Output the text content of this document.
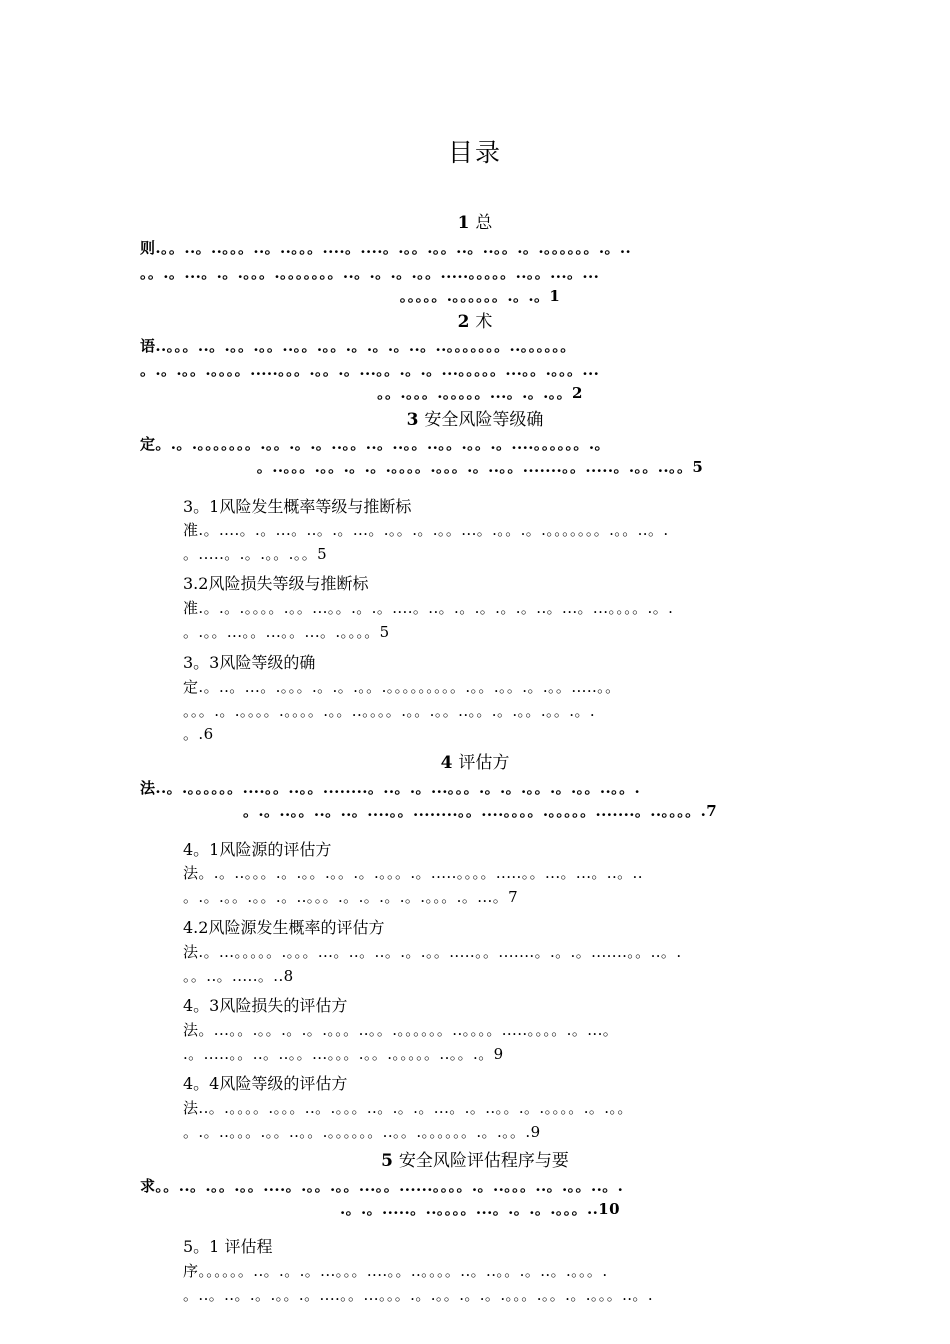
目录
1 总
则.。。..。..。。。..。..。。。....。....。.。。.。。..。..。。.。.。。。。。。.。..
。。.。...。.。.。。。.。。。。。。。..。.。.。.。。.....。。。。。..。。...。...
。。。。。.。。。。。。.。.。1
2 术
语..。。。..。.。。.。。..。。.。。.。.。.。..。..。。。。。。。..。。。。。。
。.。.。。.。。。。.....。。。.。。.。...。。.。.。...。。。。。...。。.。。。...
。。.。。。.。。。。。...。.。.。。2
3 安全风险等级确
定。.。.。。。。。。。.。。.。.。..。。..。..。。..。。.。。.。....。。。。。。.。
。..。。。.。。.。.。.。。。。.。。。.。..。。.......。。.....。.。。..。。5
3。1风险发生概率等级与推断标
准.。....。.。...。..。.。...。.。。.。.。。...。.。。.。.。。。。。。。.。。..。.
。.....。.。.。。.。。5
3.2风险损失等级与推断标
准.。.。.。。。。.。。...。。.。.。....。..。.。.。.。.。..。...。...。。。。.。.
。.。。...。。...。。...。.。。。。5
3。3风险等级的确
定.。..。...。.。。。.。.。.。。.。。。。。。。。。.。。.。。.。.。。.....。。
。。。.。.。。。。.。。。。.。。..。。。。.。。.。。..。。.。.。。.。。.。.
。.6
4 评估方
法..。.。。。。。。....。。..。。........。..。.。...。。。.。.。.。。.。.。。..。。.
。.。..。。..。..。....。。........。。....。。。。.。。。。。.......。..。。。。.7
4。1风险源的评估方
法。.。..。。。.。.。。.。。.。.。。。.。.....。。。。.....。。...。...。..。..
。.。.。。.。。.。..。。。.。.。.。.。.。。。.。...。7
4.2风险源发生概率的评估方
法.。...。。。。。.。。。...。..。..。.。.。。.....。。.......。.。.。.......。。..。.
。。..。.....。..8
4。3风险损失的评估方
法。...。。.。。.。.。.。。。..。。.。。。。。。..。。。。.....。。。。.。...。
.。.....。。..。..。。...。。。.。。.。。。。。..。。.。9
4。4风险等级的评估方
法..。.。。。。.。。。..。.。。。..。.。.。...。.。..。。.。.。。。。.。.。。
。.。..。。。.。。..。。.。。。。。。..。。.。。。。。。.。.。。.9
5 安全风险评估程序与要
求。。..。.。。.。。....。.。。.。。...。。......。。。。.。..。。。..。.。。..。.
.。.。.....。..。。。。...。.。.。.。。。..10
5。1 评估程
序。。。。。。..。.。.。...。。。....。。..。。。。..。..。。.。..。.。。。.
。..。..。.。.。。.。....。。...。。。.。.。。.。.。.。。。.。。.。.。。。..。.
